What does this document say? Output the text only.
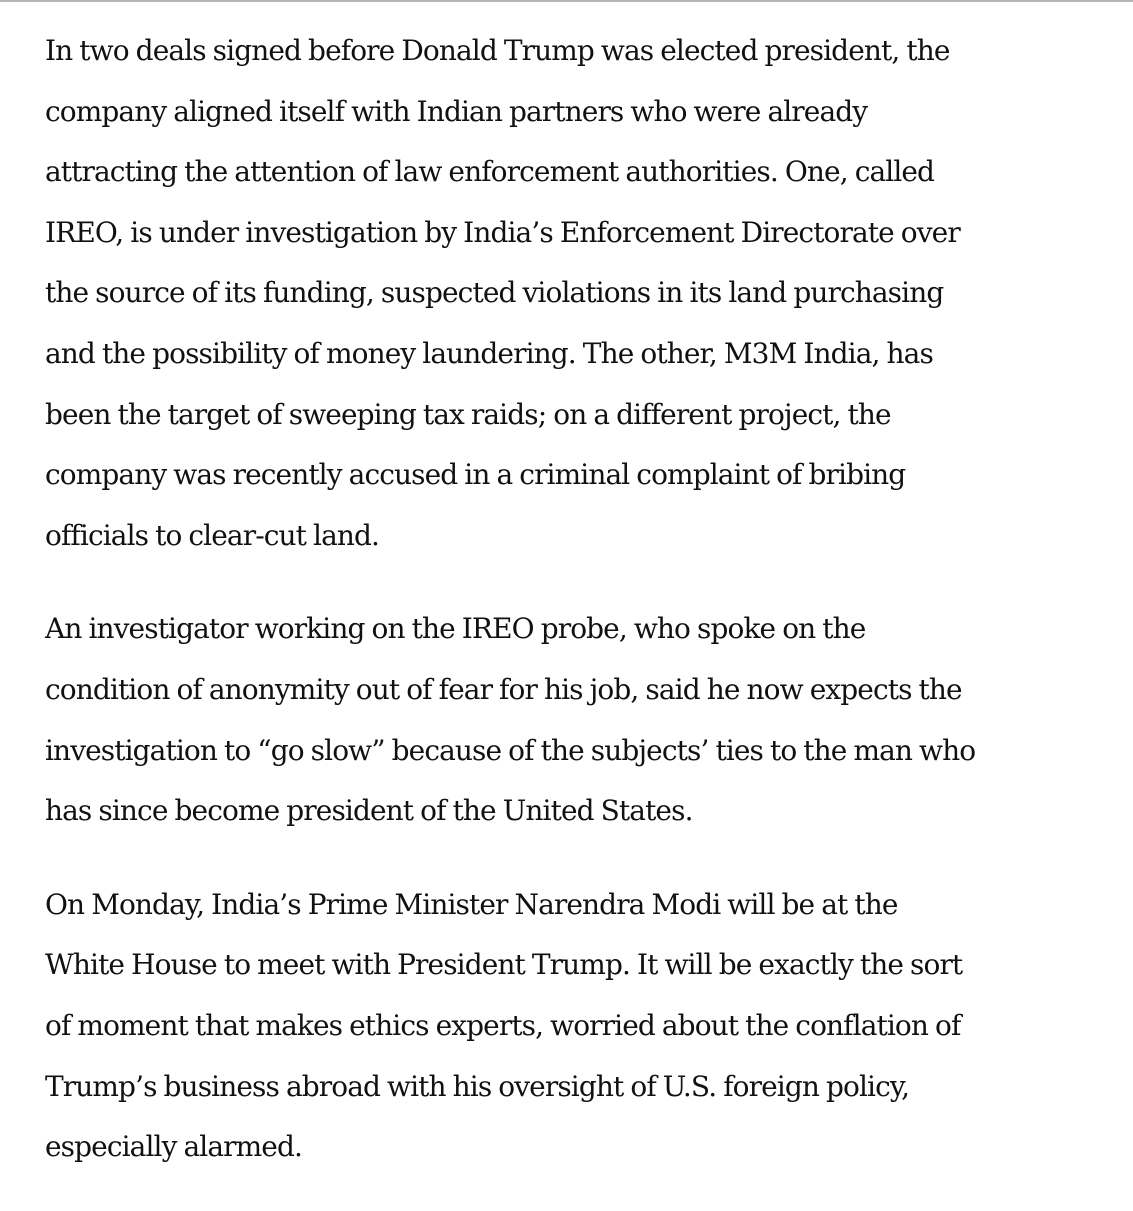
In two deals signed before Donald Trump was elected president, the
company aligned itself with Indian partners who were already
attracting the attention of law enforcement authorities. One, called
IREO, is under investigation by India’s Enforcement Directorate over
the source of its funding, suspected violations in its land purchasing
and the possibility of money laundering. The other, M3M India, has
been the target of sweeping tax raids; on a different project, the
company was recently accused in a criminal complaint of bribing
officials to clear-cut land.

An investigator working on the IREO probe, who spoke on the
condition of anonymity out of fear for his job, said he now expects the
investigation to “go slow” because of the subjects’ ties to the man who
has since become president of the United States.

On Monday, India’s Prime Minister Narendra Modi will be at the
White House to meet with President Trump. It will be exactly the sort
of moment that makes ethics experts, worried about the conflation of
Trump’s business abroad with his oversight of U.S. foreign policy,
especially alarmed.
